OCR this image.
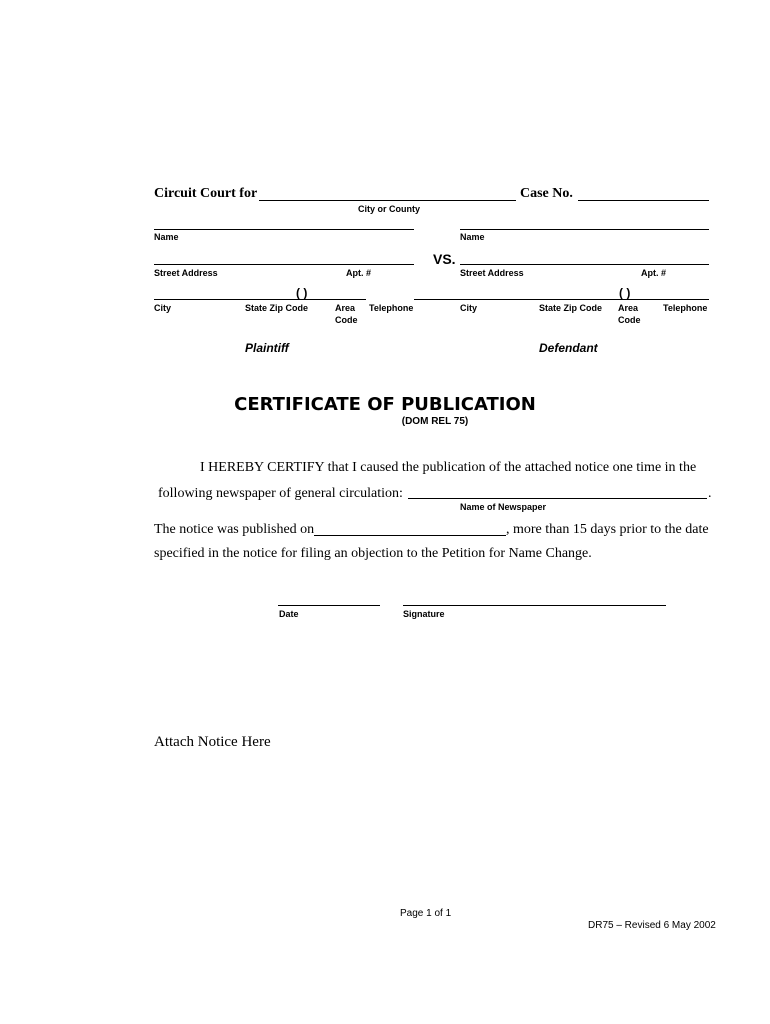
Circuit Court for	Case No.
City or County
Name
Street Address	Apt. #
( )
City	State Zip Code	Area
Code
Telephone
Plaintiff
VS.
Name
Street Address	Apt. #
( )
City	State Zip Code Area
Code
Telephone
Defendant
CERTIFICATE OF PUBLICATION
(DOM REL 75)
I HEREBY CERTIFY that I caused the publication of the attached notice one time in the
following newspaper of general circulation:	.
Name of Newspaper
The notice was published on	, more than 15 days prior to the date
specified in the notice for filing an objection to the Petition for Name Change.
Date	Signature
Attach Notice Here
Page 1 of 1
DR75 – Revised 6 May 2002
